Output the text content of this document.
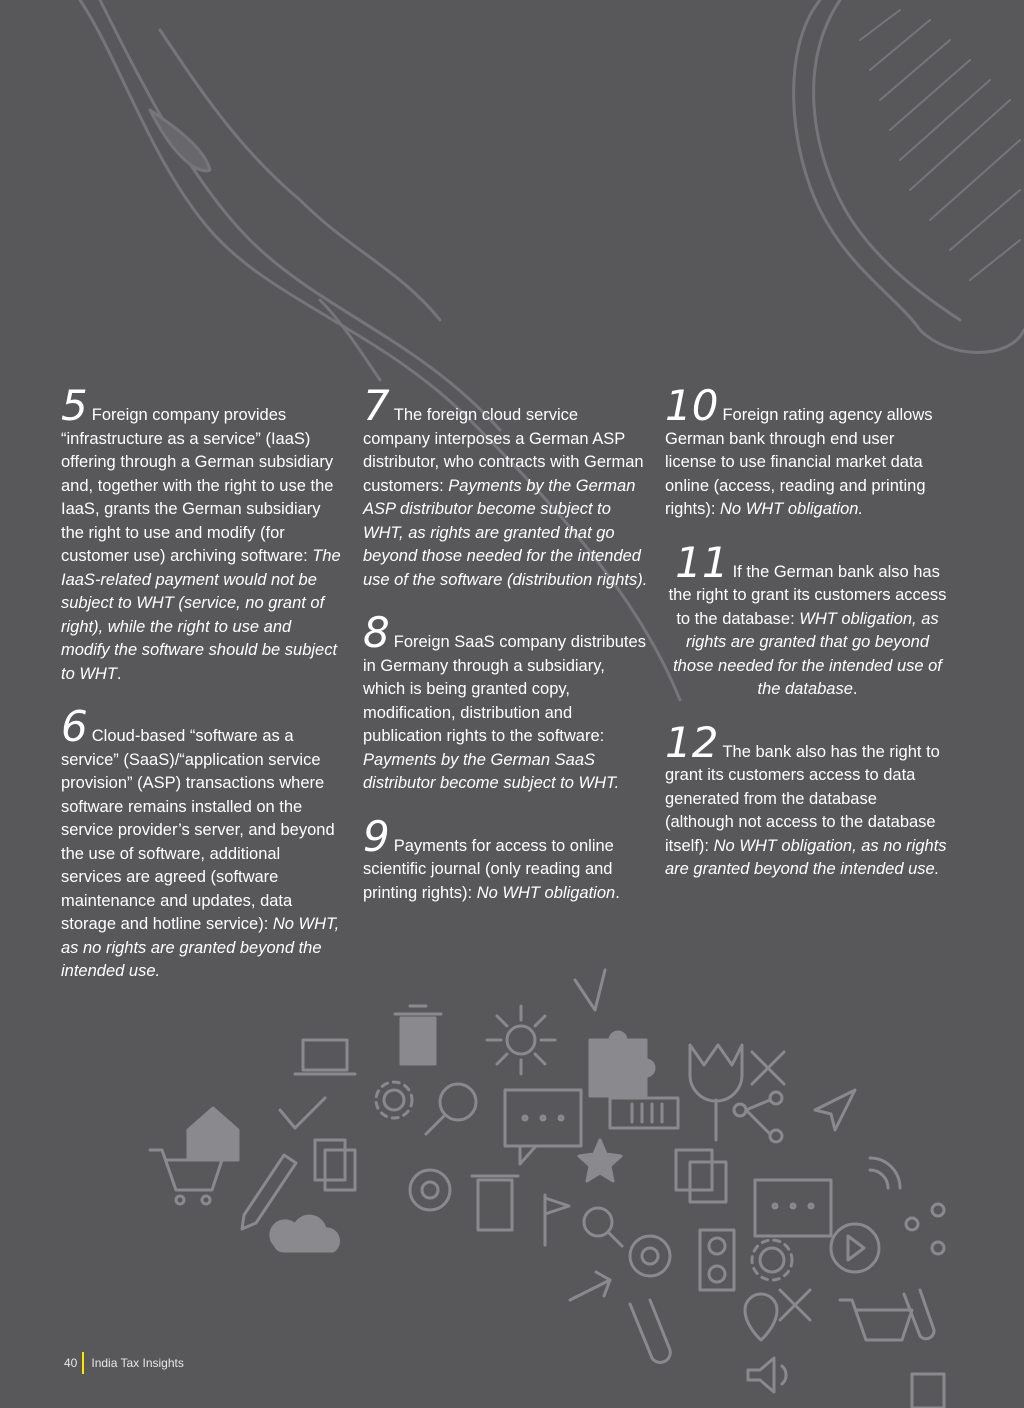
5 Foreign company provides “infrastructure as a service” (IaaS) offering through a German subsidiary and, together with the right to use the IaaS, grants the German subsidiary the right to use and modify (for customer use) archiving software: The IaaS-related payment would not be subject to WHT (service, no grant of right), while the right to use and modify the software should be subject to WHT.

6 Cloud-based “software as a service” (SaaS)/“application service provision” (ASP) transactions where software remains installed on the service provider’s server, and beyond the use of software, additional services are agreed (software maintenance and updates, data storage and hotline service): No WHT, as no rights are granted beyond the intended use.

7 The foreign cloud service company interposes a German ASP distributor, who contracts with German customers: Payments by the German ASP distributor become subject to WHT, as rights are granted that go beyond those needed for the intended use of the software (distribution rights).

8 Foreign SaaS company distributes in Germany through a subsidiary, which is being granted copy, modification, distribution and publication rights to the software: Payments by the German SaaS distributor become subject to WHT.

9 Payments for access to online scientific journal (only reading and printing rights): No WHT obligation.

10 Foreign rating agency allows German bank through end user license to use financial market data online (access, reading and printing rights): No WHT obligation.

11 If the German bank also has the right to grant its customers access to the database: WHT obligation, as rights are granted that go beyond those needed for the intended use of the database.

12 The bank also has the right to grant its customers access to data generated from the database (although not access to the database itself): No WHT obligation, as no rights are granted beyond the intended use.

40 India Tax Insights
